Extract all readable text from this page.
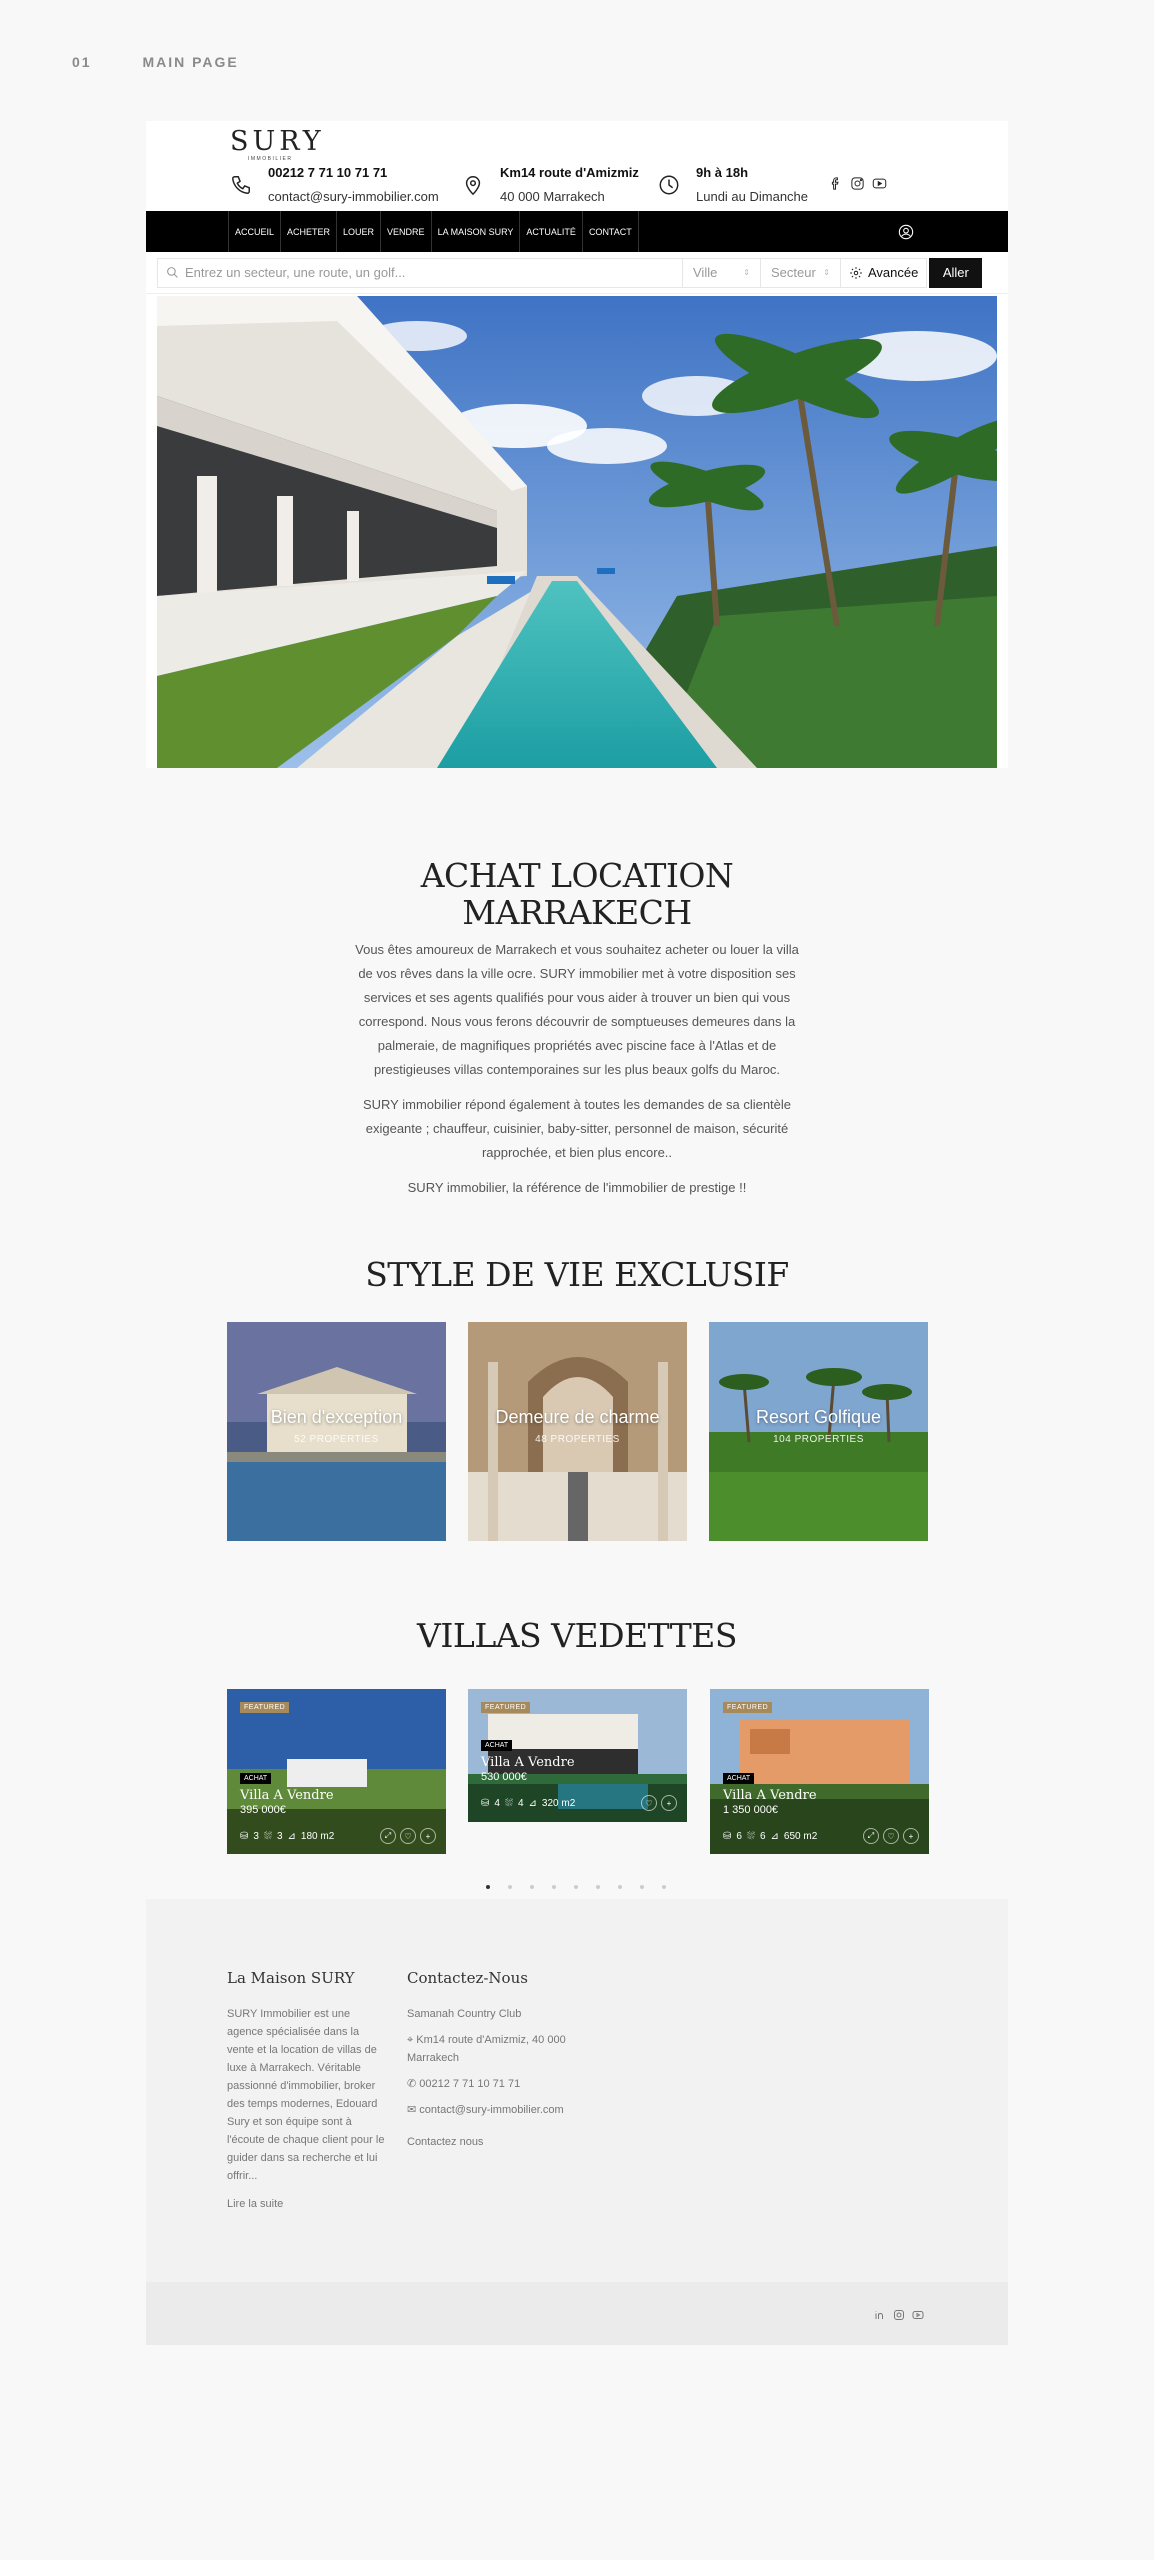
01	MAIN PAGE
SURY
IMMOBILIER
00212 7 71 10 71 71
contact@sury-immobilier.com
Km14 route d'Amizmiz
40 000 Marrakech
9h à 18h
Lundi au Dimanche
ACCUEIL	ACHETER	LOUER	VENDRE	LA MAISON SURY	ACTUALITÉ	CONTACT
Entrez un secteur, une route, un golf...	Ville	⇕ Secteur ⇕	Avancée	Aller
ACHAT LOCATION
MARRAKECH

Vous êtes amoureux de Marrakech et vous souhaitez acheter ou louer la villa de vos rêves dans la ville ocre. SURY immobilier met à votre disposition ses services et ses agents qualifiés pour vous aider à trouver un bien qui vous correspond. Nous vous ferons découvrir de somptueuses demeures dans la palmeraie, de magnifiques propriétés avec piscine face à l'Atlas et de prestigieuses villas contemporaines sur les plus beaux golfs du Maroc.

SURY immobilier répond également à toutes les demandes de sa clientèle exigeante ; chauffeur, cuisinier, baby-sitter, personnel de maison, sécurité rapprochée, et bien plus encore..

SURY immobilier, la référence de l'immobilier de prestige !!

STYLE DE VIE EXCLUSIF
Bien d'exception
52 PROPERTIES
Demeure de charme
48 PROPERTIES
Resort Golfique
104 PROPERTIES
VILLAS VEDETTES
FEATURED
ACHAT
Villa A Vendre
395 000€
⛁ 3 ⛆ 3 ⊿ 180 m2	⤢	♡	+
FEATURED
ACHAT
Villa A Vendre
530 000€
⛁ 4 ⛆ 4 ⊿ 320 m2	♡	+
FEATURED
ACHAT
Villa A Vendre
1 350 000€
⛁ 6 ⛆ 6 ⊿ 650 m2	⤢	♡	+
La Maison SURY

SURY Immobilier est une agence spécialisée dans la vente et la location de villas de luxe à Marrakech. Véritable passionné d'immobilier, broker des temps modernes, Edouard Sury et son équipe sont à l'écoute de chaque client pour le guider dans sa recherche et lui offrir...

Lire la suite

Contactez-Nous

Samanah Country Club

⌖ Km14 route d'Amizmiz, 40 000 Marrakech

✆ 00212 7 71 10 71 71

✉ contact@sury-immobilier.com

Contactez nous
